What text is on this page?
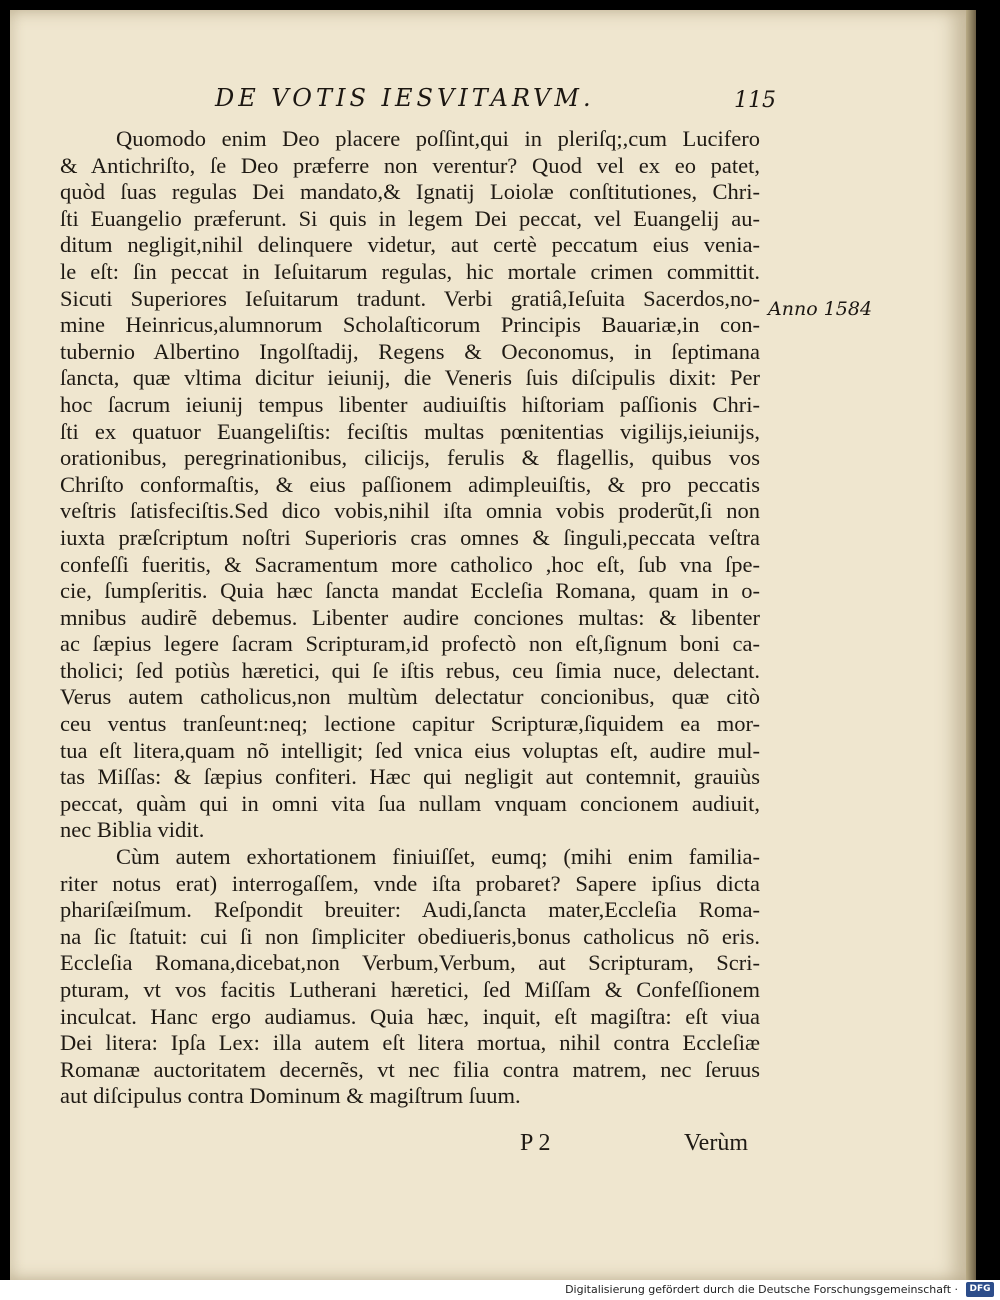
DE VOTIS IESVITARVM.	115
Anno 1584
Quomodo enim Deo placere poſſint,qui in pleriſq;,cum Lucifero
& Antichriſto, ſe Deo præferre non verentur? Quod vel ex eo patet,
quòd ſuas regulas Dei mandato,& Ignatij Loiolæ conſtitutiones, Chri-
ſti Euangelio præferunt. Si quis in legem Dei peccat, vel Euangelij au-
ditum negligit,nihil delinquere videtur, aut certè peccatum eius venia-
le eſt: ſin peccat in Ieſuitarum regulas, hic mortale crimen committit.
Sicuti Superiores Ieſuitarum tradunt. Verbi gratiâ,Ieſuita Sacerdos,no-
mine Heinricus,alumnorum Scholaſticorum Principis Bauariæ,in con-
tubernio Albertino Ingolſtadij, Regens & Oeconomus, in ſeptimana
ſancta, quæ vltima dicitur ieiunij, die Veneris ſuis diſcipulis dixit: Per
hoc ſacrum ieiunij tempus libenter audiuiſtis hiſtoriam paſſionis Chri-
ſti ex quatuor Euangeliſtis: feciſtis multas pœnitentias vigilijs,ieiunijs,
orationibus, peregrinationibus, cilicijs, ferulis & flagellis, quibus vos
Chriſto conformaſtis, & eius paſſionem adimpleuiſtis, & pro peccatis
veſtris ſatisfeciſtis.Sed dico vobis,nihil iſta omnia vobis proderũt,ſi non
iuxta præſcriptum noſtri Superioris cras omnes & ſinguli,peccata veſtra
confeſſi fueritis, & Sacramentum more catholico ,hoc eſt, ſub vna ſpe-
cie, ſumpſeritis. Quia hæc ſancta mandat Eccleſia Romana, quam in o-
mnibus audirẽ debemus. Libenter audire conciones multas: & libenter
ac ſæpius legere ſacram Scripturam,id profectò non eſt,ſignum boni ca-
tholici; ſed potiùs hæretici, qui ſe iſtis rebus, ceu ſimia nuce, delectant.
Verus autem catholicus,non multùm delectatur concionibus, quæ citò
ceu ventus tranſeunt:neq; lectione capitur Scripturæ,ſiquidem ea mor-
tua eſt litera,quam nõ intelligit; ſed vnica eius voluptas eſt, audire mul-
tas Miſſas: & ſæpius confiteri. Hæc qui negligit aut contemnit, grauiùs
peccat, quàm qui in omni vita ſua nullam vnquam concionem audiuit,
nec Biblia vidit.
Cùm autem exhortationem finiuiſſet, eumq; (mihi enim familia-
riter notus erat) interrogaſſem, vnde iſta probaret? Sapere ipſius dicta
phariſæiſmum. Reſpondit breuiter: Audi,ſancta mater,Eccleſia Roma-
na ſic ſtatuit: cui ſi non ſimpliciter obediueris,bonus catholicus nõ eris.
Eccleſia Romana,dicebat,non Verbum,Verbum, aut Scripturam, Scri-
pturam, vt vos facitis Lutherani hæretici, ſed Miſſam & Confeſſionem
inculcat. Hanc ergo audiamus. Quia hæc, inquit, eſt magiſtra: eſt viua
Dei litera: Ipſa Lex: illa autem eſt litera mortua, nihil contra Eccleſiæ
Romanæ auctoritatem decernẽs, vt nec filia contra matrem, nec ſeruus
aut diſcipulus contra Dominum & magiſtrum ſuum.
P 2	Verùm
Digitalisierung gefördert durch die Deutsche Forschungsgemeinschaft ·	DFG
